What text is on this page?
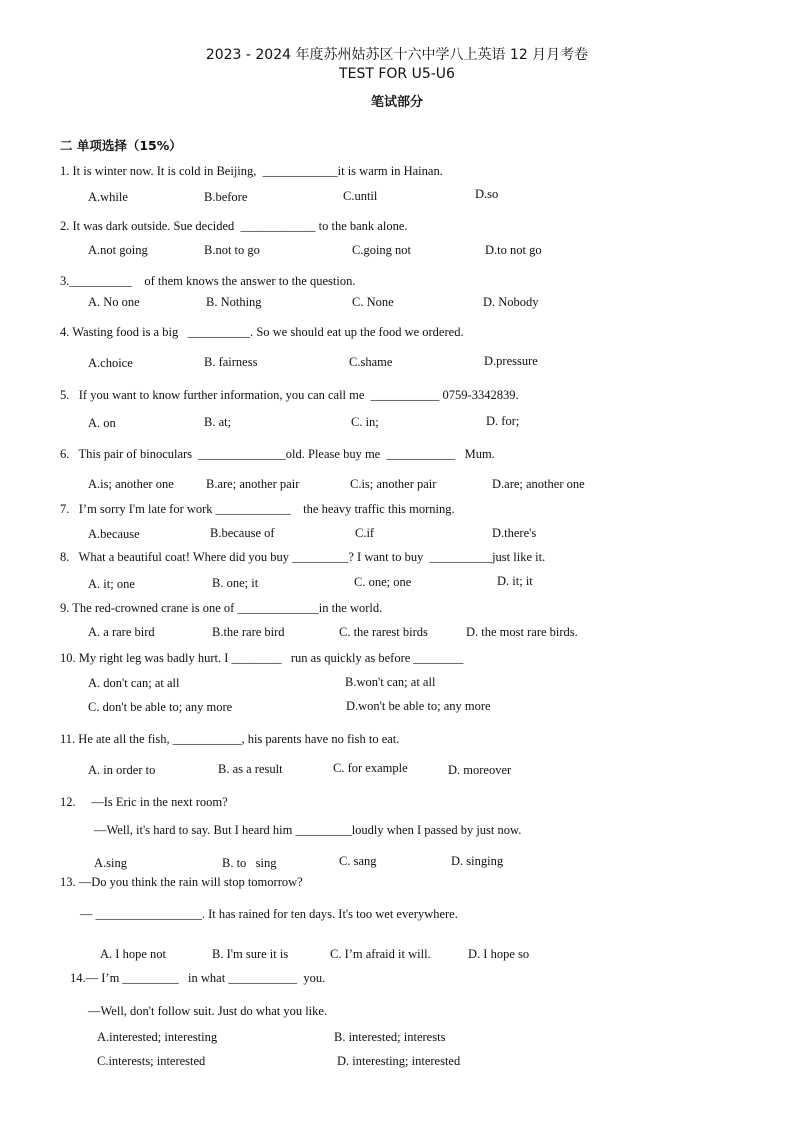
2023 - 2024 年度苏州姑苏区十六中学八上英语 12 月月考卷
TEST FOR U5-U6
笔试部分
二 单项选择（15%）
1. It is winter now. It is cold in Beijing,  ____________it is warm in Hainan.
A.while	B.before	C.until	D.so
2. It was dark outside. Sue decided  ____________ to the bank alone.
A.not going	B.not to go	C.going not	D.to not go
3.__________    of them knows the answer to the question.
A. No one	B. Nothing	C. None	D. Nobody
4. Wasting food is a big   __________. So we should eat up the food we ordered.
A.choice	B. fairness	C.shame	D.pressure
5.   If you want to know further information, you can call me  ___________ 0759-3342839.
A. on	B. at;	C. in;	D. for;
6.   This pair of binoculars  ______________old. Please buy me  ___________   Mum.
A.is; another one	B.are; another pair	C.is; another pair	D.are; another one
7.   I’m sorry I'm late for work ____________    the heavy traffic this morning.
A.because	B.because of	C.if	D.there's
8.   What a beautiful coat! Where did you buy _________? I want to buy  __________just like it.
A. it; one	B. one; it	C. one; one	D. it; it
9. The red-crowned crane is one of _____________in the world.
A. a rare bird	B.the rare bird	C. the rarest birds	D. the most rare birds.
10. My right leg was badly hurt. I ________   run as quickly as before ________
A. don't can; at all	B.won't can; at all
C. don't be able to; any more	D.won't be able to; any more
11. He ate all the fish, ___________, his parents have no fish to eat.
A. in order to	B. as a result	C. for example	D. moreover
12.     —Is Eric in the next room?
—Well, it's hard to say. But I heard him _________loudly when I passed by just now.
A.sing	B. to   sing	C. sang	D. singing
13. —Do you think the rain will stop tomorrow?
— _________________. It has rained for ten days. It's too wet everywhere.
A. I hope not	B. I'm sure it is	C. I’m afraid it will.	D. I hope so
14.— I’m _________   in what ___________  you.
—Well, don't follow suit. Just do what you like.
A.interested; interesting	B. interested; interests
C.interests; interested	D. interesting; interested
